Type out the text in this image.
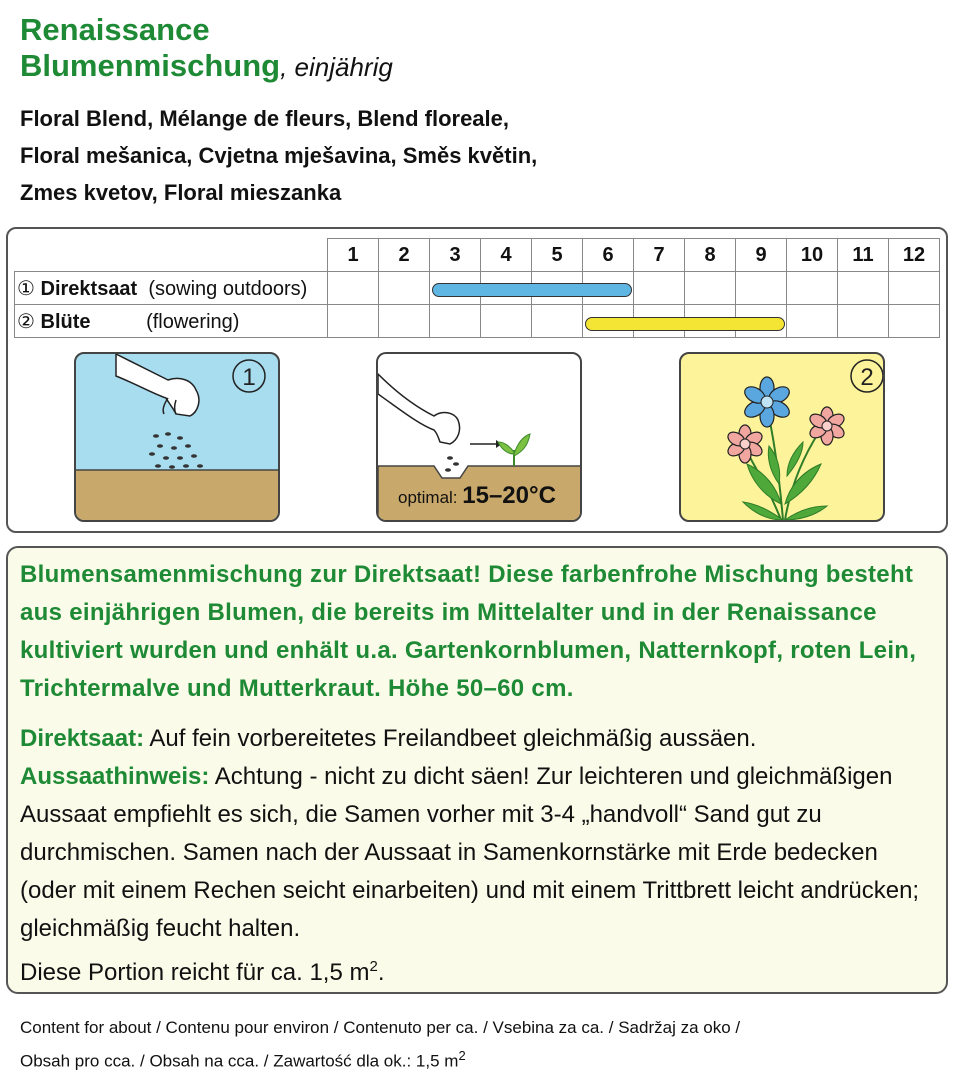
Renaissance
Blumenmischung, einjährig
Floral Blend, Mélange de fleurs, Blend floreale,
Floral mešanica, Cvjetna mješavina, Směs květin,
Zmes kvetov, Floral mieszanka
	1	2	3	4	5	6	7	8	9	10	11	12
① Direktsaat (sowing outdoors)												
② Blüte (flowering)												
1
optimal: 15–20°C
2
Blumensamenmischung zur Direktsaat! Diese farbenfrohe Mischung besteht aus einjährigen Blumen, die bereits im Mittelalter und in der Renaissance kultiviert wurden und enhält u.a. Gartenkornblumen, Natternkopf, roten Lein, Trichtermalve und Mutterkraut. Höhe 50–60 cm.
Direktsaat: Auf fein vorbereitetes Freilandbeet gleichmäßig aussäen.
Aussaathinweis: Achtung - nicht zu dicht säen! Zur leichteren und gleichmäßigen Aussaat empfiehlt es sich, die Samen vorher mit 3-4 „handvoll“ Sand gut zu durchmischen. Samen nach der Aussaat in Samenkornstärke mit Erde bedecken (oder mit einem Rechen seicht einarbeiten) und mit einem Trittbrett leicht andrücken; gleichmäßig feucht halten.
Diese Portion reicht für ca. 1,5 $m^2$.
Content for about / Contenu pour environ / Contenuto per ca. / Vsebina za ca. / Sadržaj za oko /
Obsah pro cca. / Obsah na cca. / Zawartość dla ok.: 1,5 $m^2$
